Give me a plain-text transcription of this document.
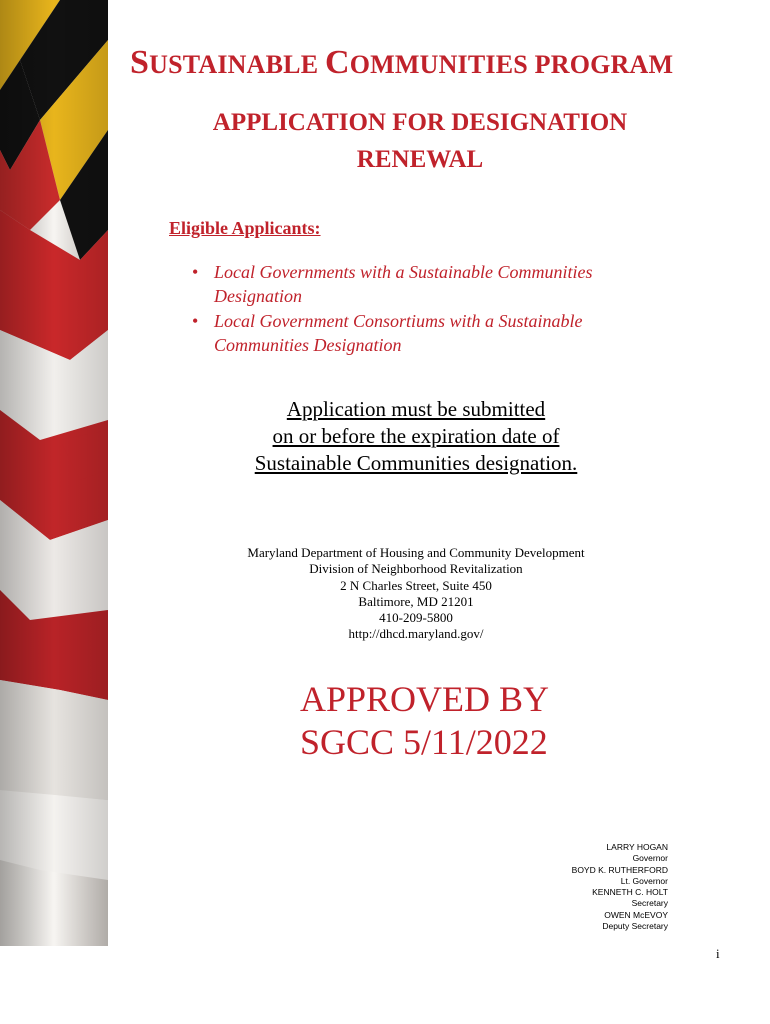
SUSTAINABLE COMMUNITIES PROGRAM
APPLICATION FOR DESIGNATION
RENEWAL
Eligible Applicants:
• Local Governments with a Sustainable Communities Designation
• Local Government Consortiums with a Sustainable Communities Designation
Application must be submitted
on or before the expiration date of
Sustainable Communities designation.
Maryland Department of Housing and Community Development
Division of Neighborhood Revitalization
2 N Charles Street, Suite 450
Baltimore, MD 21201
410-209-5800
http://dhcd.maryland.gov/
APPROVED BY
SGCC 5/11/2022
LARRY HOGAN
Governor
BOYD K. RUTHERFORD
Lt. Governor
KENNETH C. HOLT
Secretary
OWEN McEVOY
Deputy Secretary
i
